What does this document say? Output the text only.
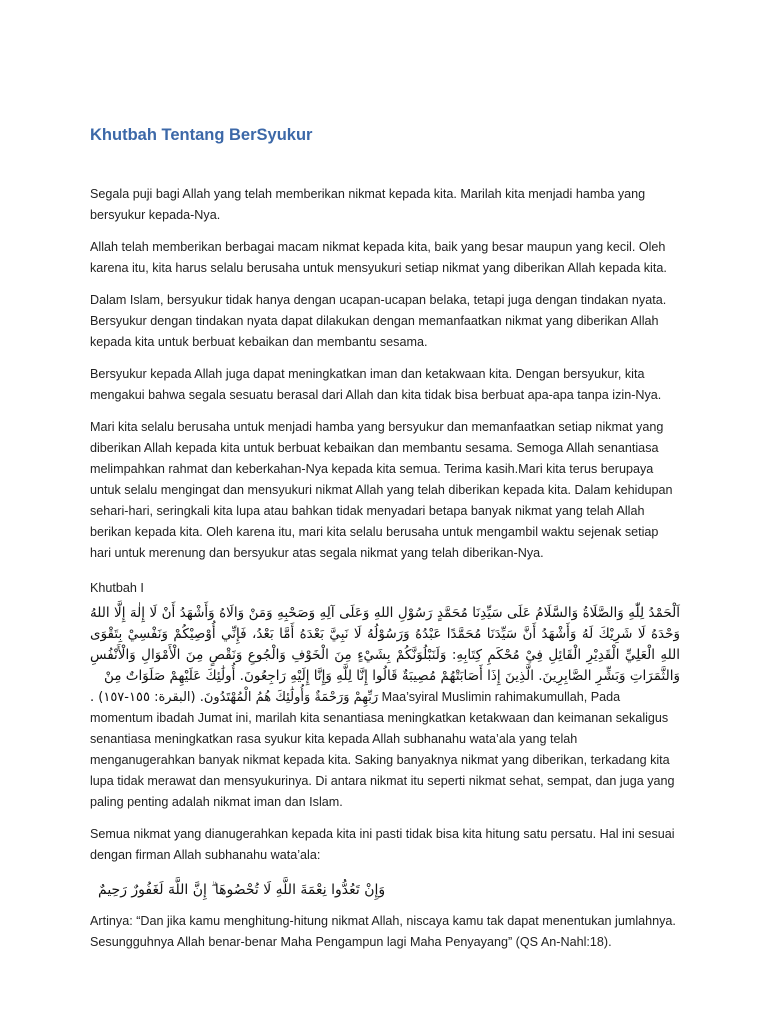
Khutbah Tentang BerSyukur

Segala puji bagi Allah yang telah memberikan nikmat kepada kita. Marilah kita menjadi hamba yang bersyukur kepada-Nya.

Allah telah memberikan berbagai macam nikmat kepada kita, baik yang besar maupun yang kecil. Oleh karena itu, kita harus selalu berusaha untuk mensyukuri setiap nikmat yang diberikan Allah kepada kita.

Dalam Islam, bersyukur tidak hanya dengan ucapan-ucapan belaka, tetapi juga dengan tindakan nyata. Bersyukur dengan tindakan nyata dapat dilakukan dengan memanfaatkan nikmat yang diberikan Allah kepada kita untuk berbuat kebaikan dan membantu sesama.

Bersyukur kepada Allah juga dapat meningkatkan iman dan ketakwaan kita. Dengan bersyukur, kita mengakui bahwa segala sesuatu berasal dari Allah dan kita tidak bisa berbuat apa-apa tanpa izin-Nya.

Mari kita selalu berusaha untuk menjadi hamba yang bersyukur dan memanfaatkan setiap nikmat yang diberikan Allah kepada kita untuk berbuat kebaikan dan membantu sesama. Semoga Allah senantiasa melimpahkan rahmat dan keberkahan-Nya kepada kita semua. Terima kasih.Mari kita terus berupaya untuk selalu mengingat dan mensyukuri nikmat Allah yang telah diberikan kepada kita. Dalam kehidupan sehari-hari, seringkali kita lupa atau bahkan tidak menyadari betapa banyak nikmat yang telah Allah berikan kepada kita. Oleh karena itu, mari kita selalu berusaha untuk mengambil waktu sejenak setiap hari untuk merenung dan bersyukur atas segala nikmat yang telah diberikan-Nya.

Khutbah I

اَلْحَمْدُ لِلّٰهِ وَالصَّلَاةُ وَالسَّلَامُ عَلَى سَيِّدِنَا مُحَمَّدٍ رَسُوْلِ اللهِ وَعَلَى آلِهِ وَصَحْبِهِ وَمَنْ وَالَاهُ وَأَشْهَدُ أَنْ لَا إِلٰهَ إِلَّا اللهُ وَحْدَهُ لَا شَرِيْكَ لَهُ وَأَشْهَدُ أَنَّ سَيِّدَنَا مُحَمَّدًا عَبْدُهُ وَرَسُوْلُهُ لَا نَبِيَّ بَعْدَهُ أَمَّا بَعْدُ، فَإِنِّي أُوْصِيْكُمْ وَنَفْسِيْ بِتَقْوَى اللهِ الْعَلِيِّ الْقَدِيْرِ الْقَائِلِ فِيْ مُحْكَمِ كِتَابِهِ: وَلَنَبْلُوَنَّكُمْ بِشَيْءٍ مِنَ الْخَوْفِ وَالْجُوعِ وَنَقْصٍ مِنَ الْأَمْوَالِ وَالْأَنْفُسِ وَالثَّمَرَاتِ وَبَشِّرِ الصَّابِرِينَ. الَّذِينَ إِذَا أَصَابَتْهُمْ مُصِيبَةٌ قَالُوا إِنَّا لِلَّهِ وَإِنَّا إِلَيْهِ رَاجِعُونَ. أُولَٰئِكَ عَلَيْهِمْ صَلَوَاتٌ مِنْ

رَبِّهِمْ وَرَحْمَةٌ وَأُولَٰئِكَ هُمُ الْمُهْتَدُونَ. (البقرة: ١٥٥-١٥٧) . Maa’syiral Muslimin rahimakumullah, Pada momentum ibadah Jumat ini, marilah kita senantiasa meningkatkan ketakwaan dan keimanan sekaligus senantiasa meningkatkan rasa syukur kita kepada Allah subhanahu wata’ala yang telah menganugerahkan banyak nikmat kepada kita. Saking banyaknya nikmat yang diberikan, terkadang kita lupa tidak merawat dan mensyukurinya. Di antara nikmat itu seperti nikmat sehat, sempat, dan juga yang paling penting adalah nikmat iman dan Islam.

Semua nikmat yang dianugerahkan kepada kita ini pasti tidak bisa kita hitung satu persatu. Hal ini sesuai dengan firman Allah subhanahu wata’ala:

وَإِنْ تَعُدُّوا نِعْمَةَ اللَّهِ لَا تُحْصُوهَا ۗ إِنَّ اللَّهَ لَغَفُورٌ رَحِيمٌ

Artinya: “Dan jika kamu menghitung-hitung nikmat Allah, niscaya kamu tak dapat menentukan jumlahnya. Sesungguhnya Allah benar-benar Maha Pengampun lagi Maha Penyayang” (QS An-Nahl:18).
